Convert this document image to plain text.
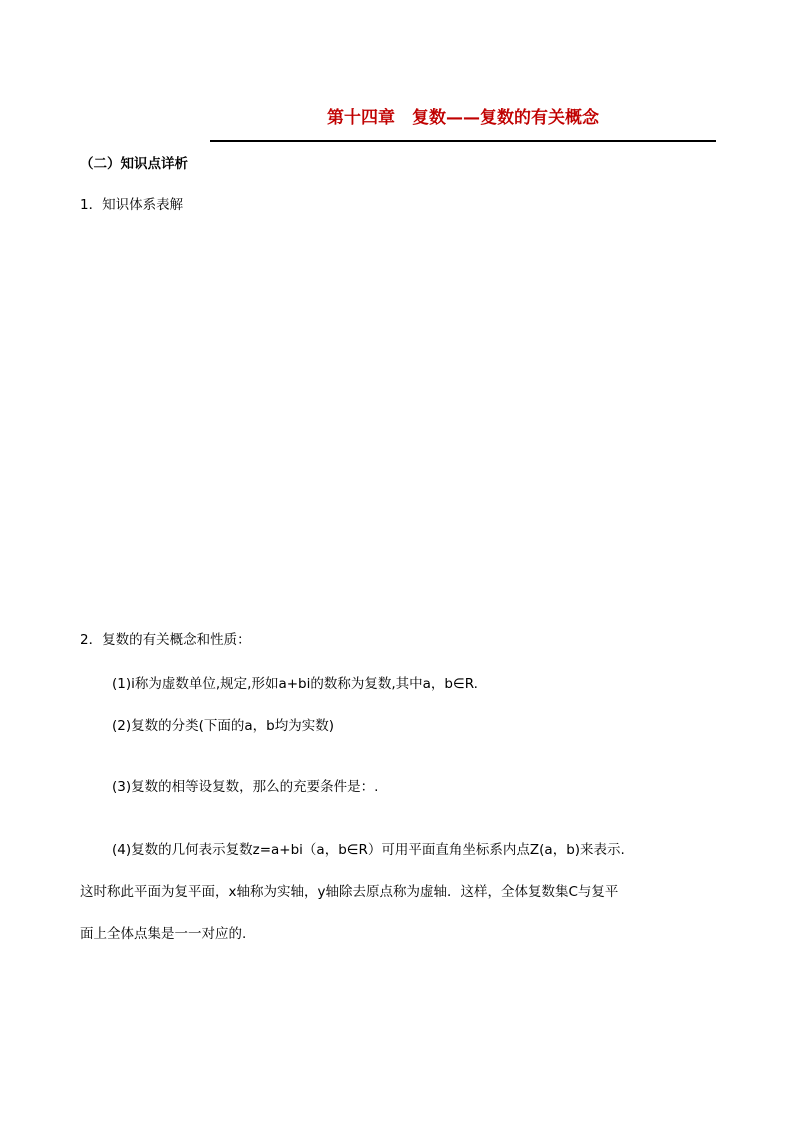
第十四章　复数——复数的有关概念
（二）知识点详析
1．知识体系表解
2．复数的有关概念和性质：
(1)i称为虚数单位,规定,形如a+bi的数称为复数,其中a，b∈R.
(2)复数的分类(下面的a，b均为实数)
(3)复数的相等设复数，那么的充要条件是：.
(4)复数的几何表示复数z=a+bi（a，b∈R）可用平面直角坐标系内点Z(a，b)来表示.
这时称此平面为复平面，x轴称为实轴，y轴除去原点称为虚轴．这样，全体复数集C与复平
面上全体点集是一一对应的.
